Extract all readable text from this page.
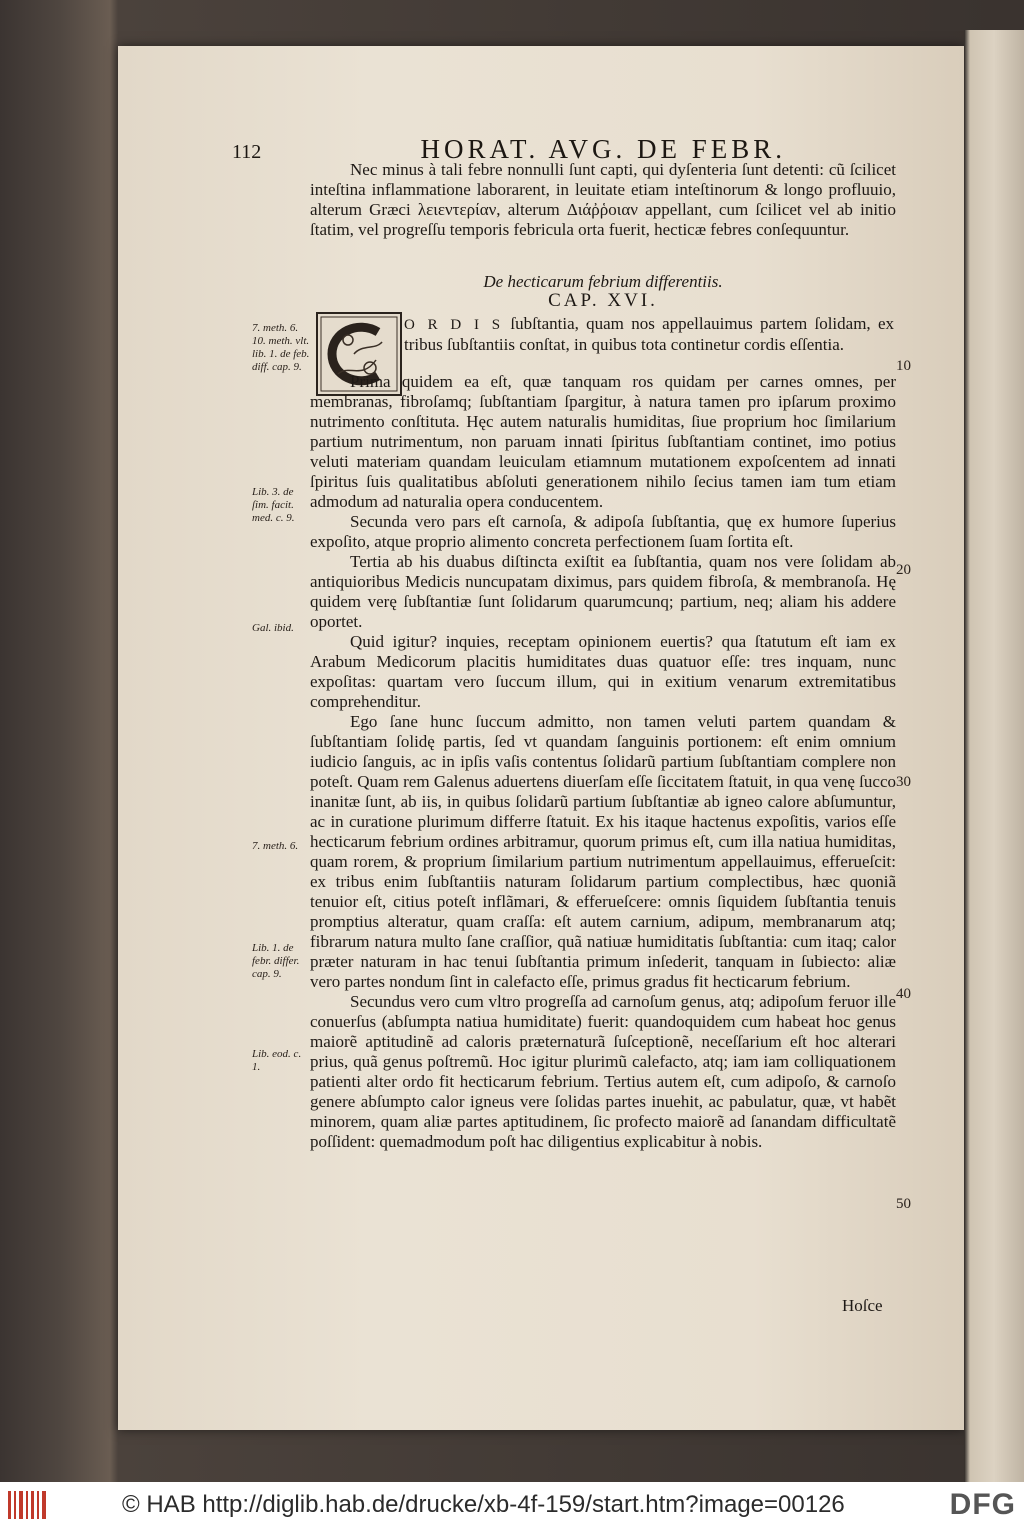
112	HORAT. AVG. DE FEBR.

Nec minus à tali febre nonnulli ſunt capti, qui dyſenteria ſunt detenti: cũ ſcilicet inteſtina inflammatione laborarent, in leuitate etiam inteſtinorum & longo profluuio, alterum Græci λειεντερίαν, alterum Διάῤῥοιαν appellant, cum ſcilicet vel ab initio ſtatim, vel progreſſu temporis febricula orta fuerit, hecticæ febres conſequuntur.

De hecticarum febrium differentiis.
CAP. XVI.
O R D I S ſubſtantia, quam nos appellauimus partem ſolidam, ex tribus ſubſtantiis conſtat, in quibus tota continetur cordis eſſentia.

Prima quidem ea eſt, quæ tanquam ros quidam per carnes omnes, per membranas, fibroſamq; ſubſtantiam ſpargitur, à natura tamen pro ipſarum proximo nutrimento conſtituta. Hęc autem naturalis humiditas, ſiue proprium hoc ſimilarium partium nutrimentum, non paruam innati ſpiritus ſubſtantiam continet, imo potius veluti materiam quandam leuiculam etiamnum mutationem expoſcentem ad innati ſpiritus ſuis qualitatibus abſoluti generationem nihilo ſecius tamen iam tum etiam admodum ad naturalia opera conducentem.

Secunda vero pars eſt carnoſa, & adipoſa ſubſtantia, quę ex humore ſuperius expoſito, atque proprio alimento concreta perfectionem ſuam ſortita eſt.

Tertia ab his duabus diſtincta exiſtit ea ſubſtantia, quam nos vere ſolidam ab antiquioribus Medicis nuncupatam diximus, pars quidem fibroſa, & membranoſa. Hę quidem verę ſubſtantiæ ſunt ſolidarum quarumcunq; partium, neq; aliam his addere oportet.

Quid igitur? inquies, receptam opinionem euertis? qua ſtatutum eſt iam ex Arabum Medicorum placitis humiditates duas quatuor eſſe: tres inquam, nunc expoſitas: quartam vero ſuccum illum, qui in exitium venarum extremitatibus comprehenditur.

Ego ſane hunc ſuccum admitto, non tamen veluti partem quandam & ſubſtantiam ſolidę partis, ſed vt quandam ſanguinis portionem: eſt enim omnium iudicio ſanguis, ac in ipſis vaſis contentus ſolidarũ partium ſubſtantiam complere non poteſt. Quam rem Galenus aduertens diuerſam eſſe ſiccitatem ſtatuit, in qua venę ſucco inanitæ ſunt, ab iis, in quibus ſolidarũ partium ſubſtantiæ ab igneo calore abſumuntur, ac in curatione plurimum differre ſtatuit. Ex his itaque hactenus expoſitis, varios eſſe hecticarum febrium ordines arbitramur, quorum primus eſt, cum illa natiua humiditas, quam rorem, & proprium ſimilarium partium nutrimentum appellauimus, efferueſcit: ex tribus enim ſubſtantiis naturam ſolidarum partium complectibus, hæc quoniã tenuior eſt, citius poteſt inflãmari, & efferueſcere: omnis ſiquidem ſubſtantia tenuis promptius alteratur, quam craſſa: eſt autem carnium, adipum, membranarum atq; fibrarum natura multo ſane craſſior, quã natiuæ humiditatis ſubſtantia: cum itaq; calor præter naturam in hac tenui ſubſtantia primum inſederit, tanquam in ſubiecto: aliæ vero partes nondum ſint in calefacto eſſe, primus gradus fit hecticarum febrium.

Secundus vero cum vltro progreſſa ad carnoſum genus, atq; adipoſum feruor ille conuerſus (abſumpta natiua humiditate) fuerit: quandoquidem cum habeat hoc genus maiorẽ aptitudinẽ ad caloris præternaturã ſuſceptionẽ, neceſſarium eſt hoc alterari prius, quã genus poſtremũ. Hoc igitur plurimũ calefacto, atq; iam iam colliquationem patienti alter ordo fit hecticarum febrium. Tertius autem eſt, cum adipoſo, & carnoſo genere abſumpto calor igneus vere ſolidas partes inuehit, ac pabulatur, quæ, vt habẽt minorem, quam aliæ partes aptitudinem, ſic profecto maiorẽ ad ſanandam difficultatẽ poſſident: quemadmodum poſt hac diligentius explicabitur à nobis.

Hoſce
7. meth. 6. 10. meth. vlt. lib. 1. de feb. diff. cap. 9.
Lib. 3. de ſim. facit. med. c. 9.
Gal. ibid.
7. meth. 6.
Lib. 1. de febr. differ. cap. 9.
Lib. eod. c. 1.
10
20
30
40
50
© HAB http://diglib.hab.de/drucke/xb-4f-159/start.htm?image=00126	DFG
